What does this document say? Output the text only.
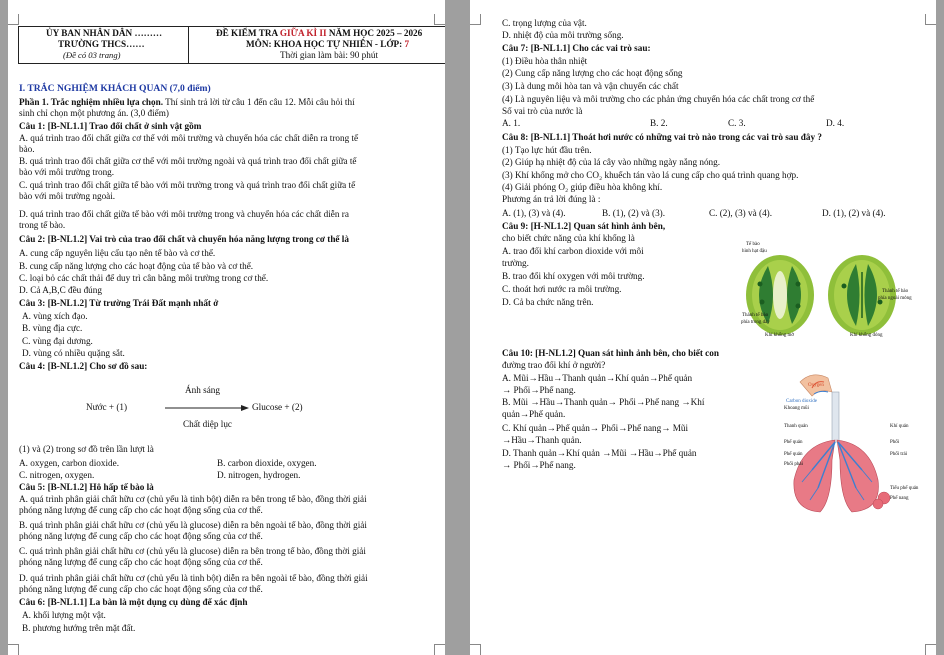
ỦY BAN NHÂN DÂN ………
TRƯỜNG THCS……
(Đề có 03 trang)
ĐỀ KIỂM TRA GIỮA KÌ II NĂM HỌC 2025 – 2026
MÔN: KHOA HỌC TỰ NHIÊN - LỚP: 7
Thời gian làm bài: 90 phút
I. TRẮC NGHIỆM KHÁCH QUAN (7,0 điểm)
Phần 1. Trắc nghiệm nhiều lựa chọn. Thí sinh trả lời từ câu 1 đến câu 12. Mỗi câu hỏi thí
sinh chỉ chọn một phương án. (3,0 điểm)
Câu 1: [B-NL1.1] Trao đổi chất ở sinh vật gồm
A. quá trình trao đổi chất giữa cơ thể với môi trường và chuyển hóa các chất diễn ra trong tế
bào.
B. quá trình trao đổi chất giữa cơ thể với môi trường ngoài và quá trình trao đổi chất giữa tế
bào với môi trường trong.
C. quá trình trao đổi chất giữa tế bào với môi trường trong và quá trình trao đổi chất giữa tế
bào với môi trường ngoài.
D. quá trình trao đổi chất giữa tế bào với môi trường trong và chuyển hóa các chất diễn ra
trong tế bào.
Câu 2: [B-NL1.2] Vai trò của trao đổi chất và chuyển hóa năng lượng trong cơ thể là
A. cung cấp nguyên liệu cấu tạo nên tế bào và cơ thể.
B. cung cấp năng lượng cho các hoạt động của tế bào và cơ thể.
C. loại bỏ các chất thải để duy trì cân bằng môi trường trong cơ thể.
D. Cả A,B,C đều đúng
Câu 3: [B-NL1.2] Từ trường Trái Đất mạnh nhất ở
A. vùng xích đạo.
B. vùng địa cực.
C. vùng đại dương.
D. vùng có nhiều quặng sắt.
Câu 4: [B-NL1.2] Cho sơ đồ sau:
Ánh sáng
Nước + (1)	Glucose + (2)
Chất diệp lục
(1) và (2) trong sơ đồ trên lần lượt là
A. oxygen, carbon dioxide.	B. carbon dioxide, oxygen.
C. nitrogen, oxygen.	D. nitrogen, hydrogen.
Câu 5: [B-NL1.2] Hô hấp tế bào là
A. quá trình phân giải chất hữu cơ (chủ yếu là tinh bột) diễn ra bên trong tế bào, đồng thời giải
phóng năng lượng để cung cấp cho các hoạt động sống của cơ thể.
B. quá trình phân giải chất hữu cơ (chủ yếu là glucose) diễn ra bên ngoài tế bào, đồng thời giải
phóng năng lượng để cung cấp cho các hoạt động sống của cơ thể.
C. quá trình phân giải chất hữu cơ (chủ yếu là glucose) diễn ra bên trong tế bào, đồng thời giải
phóng năng lượng để cung cấp cho các hoạt động sống của cơ thể.
D. quá trình phân giải chất hữu cơ (chủ yếu là tinh bột) diễn ra bên ngoài tế bào, đồng thời giải
phóng năng lượng để cung cấp cho các hoạt động sống của cơ thể.
Câu 6: [B-NL1.1] La bàn là một dụng cụ dùng để xác định
A. khối lượng một vật.
B. phương hướng trên mặt đất.
C. trọng lượng của vật.
D. nhiệt độ của môi trường sống.
Câu 7: [B-NL1.1] Cho các vai trò sau:
(1) Điều hòa thân nhiệt
(2) Cung cấp năng lượng cho các hoạt động sống
(3) Là dung môi hòa tan và vận chuyển các chất
(4) Là nguyên liệu và môi trường cho các phản ứng chuyển hóa các chất trong cơ thể
Số vai trò của nước là
A. 1.	B. 2.	C. 3.	D. 4.
Câu 8: [B-NL1.1] Thoát hơi nước có những vai trò nào trong các vai trò sau đây ?
(1) Tạo lực hút đầu trên.
(2) Giúp hạ nhiệt độ của lá cây vào những ngày nắng nóng.
(3) Khí khổng mở cho CO₂ khuếch tán vào lá cung cấp cho quá trình quang hợp.
(4) Giải phóng O₂ giúp điều hòa không khí.
Phương án trả lời đúng là :
A. (1), (3) và (4).	B. (1), (2) và (3).	C. (2), (3) và (4).	D. (1), (2) và (4).
Câu 9: [H-NL1.2] Quan sát hình ảnh bên,
cho biết chức năng của khí khổng là
A. trao đổi khí carbon dioxide với môi
trường.
B. trao đổi khí oxygen với môi trường.
C. thoát hơi nước ra môi trường.
D. Cả ba chức năng trên.
Tế bào
hình hạt đậu
Thành tế bào
phía ngoài mỏng
Thành tế bào
phía trong dày
Khí khổng mở	Khí khổng đóng
Câu 10: [H-NL1.2] Quan sát hình ảnh bên, cho biết con
đường trao đổi khí ở người?
A. Mũi→Hầu→Thanh quản→Khí quản→Phế quản
→ Phổi→Phế nang.
B. Mũi →Hầu→Thanh quản→ Phổi→Phế nang →Khí
quản→Phế quản.
C. Khí quản→Phế quản→ Phổi→Phế nang→ Mũi
→Hầu→Thanh quản.
D. Thanh quản→Khí quản →Mũi →Hầu→Phế quản
→ Phổi→Phế nang.
Oxygen
Carbon dioxide
Khoang mũi
Thanh quản	Khí quản
Phế quản	Phổi
Phế quản	Phổi trái
Phổi phải
Tiểu phế quản
Phế nang
